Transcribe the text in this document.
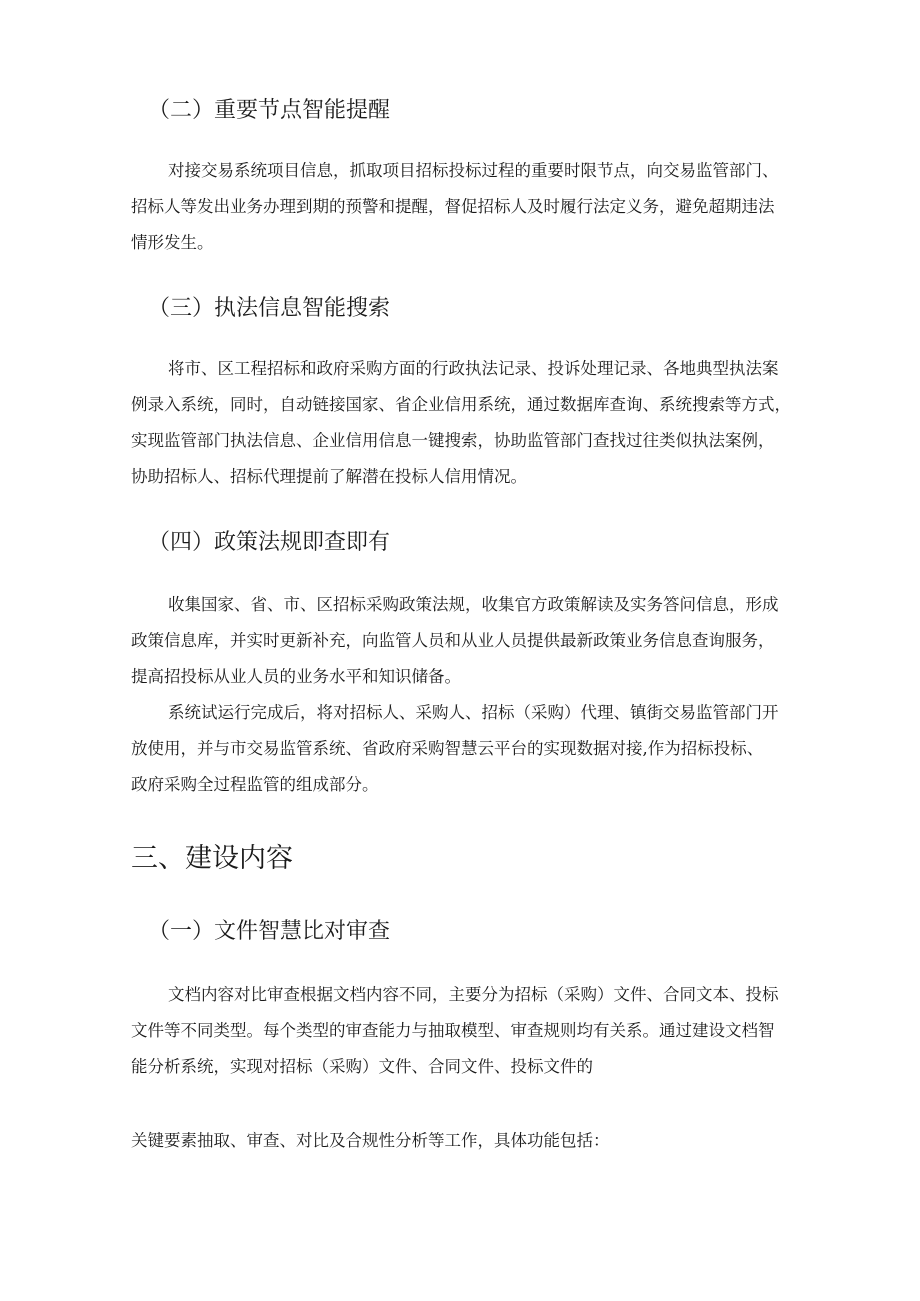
（二）重要节点智能提醒
对接交易系统项目信息，抓取项目招标投标过程的重要时限节点，向交易监管部门、
招标人等发出业务办理到期的预警和提醒，督促招标人及时履行法定义务，避免超期违法
情形发生。
（三）执法信息智能搜索
将市、区工程招标和政府采购方面的行政执法记录、投诉处理记录、各地典型执法案
例录入系统，同时，自动链接国家、省企业信用系统，通过数据库查询、系统搜索等方式，
实现监管部门执法信息、企业信用信息一键搜索，协助监管部门查找过往类似执法案例，
协助招标人、招标代理提前了解潜在投标人信用情况。
（四）政策法规即查即有
收集国家、省、市、区招标采购政策法规，收集官方政策解读及实务答问信息，形成
政策信息库，并实时更新补充，向监管人员和从业人员提供最新政策业务信息查询服务，
提高招投标从业人员的业务水平和知识储备。
系统试运行完成后，将对招标人、采购人、招标（采购）代理、镇街交易监管部门开
放使用，并与市交易监管系统、省政府采购智慧云平台的实现数据对接,作为招标投标、
政府采购全过程监管的组成部分。
三、建设内容
（一）文件智慧比对审查
文档内容对比审查根据文档内容不同，主要分为招标（采购）文件、合同文本、投标
文件等不同类型。每个类型的审查能力与抽取模型、审查规则均有关系。通过建设文档智
能分析系统，实现对招标（采购）文件、合同文件、投标文件的
关键要素抽取、审查、对比及合规性分析等工作，具体功能包括：
